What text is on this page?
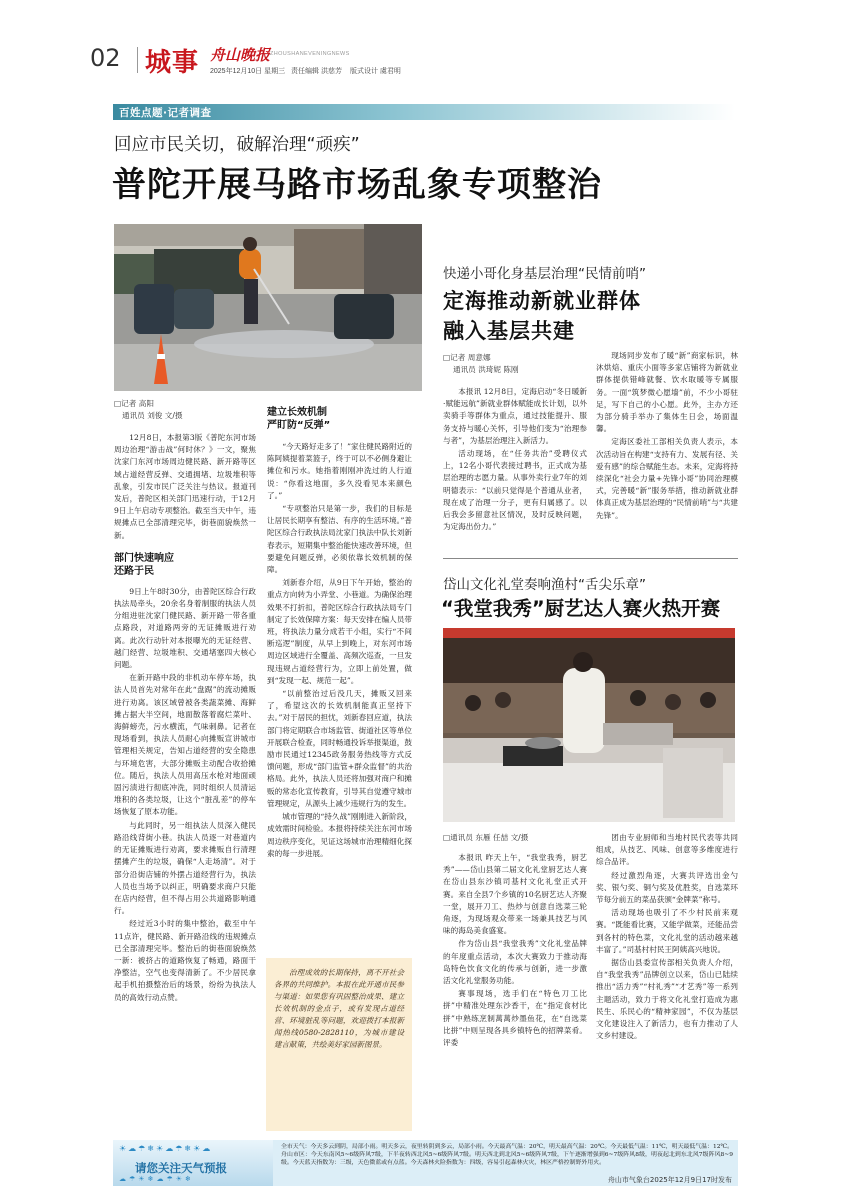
02 城事 舟山晚报 ZHOUSHANEVENINGNEWS
2025年12月10日 星期三 责任编辑 洪慈芳 版式设计 虞君明
百姓点题·记者调查
回应市民关切，破解治理“顽疾”
普陀开展马路市场乱象专项整治
□记者 高阳
通讯员 刘俊 文/摄

12月8日，本报第3版《普陀东河市场周边治理“游击战”何时休？》一文，聚焦沈家门东河市场周边健民路、新开路等区域占道经营反弹、交通拥堵、垃圾堆积等乱象，引发市民广泛关注与热议。报道刊发后，普陀区相关部门迅速行动，于12月9日上午启动专项整治。截至当天中午，违规摊点已全部清理完毕，街巷面貌焕然一新。

部门快速响应
还路于民

9日上午8时30分，由普陀区综合行政执法局牵头，20余名身着制服的执法人员分组进驻沈家门健民路、新开路一带各重点路段，对道路两旁的无证摊贩进行劝离。此次行动针对本报曝光的无证经营、越门经营、垃圾堆积、交通堵塞四大核心问题。

在新开路中段的非机动车停车场，执法人员首先对常年在此“盘踞”的流动摊贩进行劝离。该区域曾被各类蔬菜摊、海鲜摊占据大半空间，地面散落着腐烂菜叶、海鲜螃壳，污水横流，气味刺鼻。记者在现场看到，执法人员耐心向摊贩宣讲城市管理相关规定，告知占道经营的安全隐患与环境危害，大部分摊贩主动配合收拾摊位。随后，执法人员用高压水枪对地面顽固污渍进行彻底冲洗，同时组织人员清运堆积的各类垃圾，让这个“脏乱差”的停车场恢复了原本功能。

与此同时，另一组执法人员深入健民路沿线背街小巷。执法人员逐一对巷道内的无证摊贩进行劝离，要求摊贩自行清理摆摊产生的垃圾，确保“人走场清”。对于部分沿街店铺的外摆占道经营行为，执法人员也当场予以纠正，明确要求商户只能在店内经营，但不得占用公共道路影响通行。

经过近3小时的集中整治，截至中午11点许，健民路、新开路沿线的违规摊点已全部清理完毕。整治后的街巷面貌焕然一新：被挤占的道路恢复了畅通，路面干净整洁，空气也变得清新了。不少居民拿起手机拍摄整治后的场景，纷纷为执法人员的高效行动点赞。

建立长效机制
严盯防“反弹”

“今天路好走多了！”家住健民路附近的陈阿姨提着菜篮子，终于可以不必侧身避让摊位和污水。她指着刚刚冲洗过的人行道说：“你看这地面，多久没看见本来颜色了。”

“专项整治只是第一步，我们的目标是让居民长期享有整洁、有序的生活环境。”普陀区综合行政执法局沈家门执法中队长刘新春表示，短期集中整治能快速改善环境，但要避免问题反弹，必须依靠长效机制的保障。

刘新春介绍，从9日下午开始，整治的重点方向转为小弄堂、小巷道。为确保治理效果不打折扣，普陀区综合行政执法局专门制定了长效保障方案：每天安排在编人员带班，将执法力量分成若干小组，实行“不间断巡逻”制度，从早上到晚上，对东河市场周边区域进行全覆盖、高频次巡查，一旦发现违规占道经营行为，立即上前处置，做到“发现一起、规范一起”。

“以前整治过后没几天，摊贩又回来了，希望这次的长效机制能真正坚持下去。”对于居民的担忧，刘新春回应道，执法部门将定期联合市场监管、街道社区等单位开展联合检查，同时畅通投诉举报渠道，鼓励市民通过12345政务服务热线等方式反馈问题，形成“部门监管+群众监督”的共治格局。此外，执法人员还将加强对商户和摊贩的常态化宣传教育，引导其自觉遵守城市管理规定，从源头上减少违规行为的发生。

城市管理的“持久战”刚刚进入新阶段，成效需时间检验。本报将持续关注东河市场周边秩序变化，见证这场城市治理精细化探索的每一步进展。

治理成效的长期保持，离不开社会各界的共同维护。本报在此开通市民参与渠道：如果您有巩固整治成果、建立长效机制的金点子，或有发现占道经营、环境脏乱等问题，欢迎拨打本报新闻热线0580-2828110，为城市建设建言献策，共绘美好家园新图景。
快递小哥化身基层治理“民情前哨”
定海推动新就业群体
融入基层共建
□记者 周意娜
通讯员 洪琦妮 陈刚

本报讯 12月8日，定海启动“冬日暖新·赋能远航”新就业群体赋能成长计划，以外卖骑手等群体为重点，通过技能提升、服务支持与暖心关怀，引导他们变为“治理参与者”，为基层治理注入新活力。

活动现场，在“任务共治”受聘仪式上，12名小哥代表接过聘书，正式成为基层治理的志愿力量。从事外卖行业7年的刘明德表示：“以前只觉得是个普通从业者，现在成了治理一分子，更有归属感了。以后我会多留意社区情况，及时反映问题，为定海出份力。”

现场同步发布了暖“新”商家标识，林沐烘焙、重庆小面等多家店铺将为新就业群体提供错峰就餐、饮水取暖等专属服务。一面“筑梦微心愿墙”前，不少小哥驻足，写下自己的小心愿。此外，主办方还为部分骑手举办了集体生日会，场面温馨。

定海区委社工部相关负责人表示，本次活动旨在构建“支持有力、发展有径、关爱有感”的综合赋能生态。未来，定海将持续深化“社会力量+先锋小哥”协同治理模式，完善暖“新”服务举措，推动新就业群体真正成为基层治理的“民情前哨”与“共建先锋”。

岱山文化礼堂奏响渔村“舌尖乐章”
“我堂我秀”厨艺达人赛火热开赛
□通讯员 东雁 任喆 文/摄

本报讯 昨天上午，“我堂我秀，厨艺秀”——岱山县第二届文化礼堂厨艺达人赛在岱山县东沙镇司基村文化礼堂正式开赛。来自全县7个乡镇的10名厨艺达人齐聚一堂，展开刀工、热炒与创意自选菜三轮角逐，为现场观众带来一场兼具技艺与风味的海岛美食盛宴。

作为岱山县“我堂我秀”文化礼堂品牌的年度重点活动，本次大赛致力于推动海岛特色饮食文化的传承与创新，进一步激活文化礼堂服务功能。

赛事现场，选手们在“特色刀工比拼”中精准处理东沙香干，在“指定食材比拼”中熟练烹制萬萬炒墨鱼花，在“自选菜比拼”中则呈现各具乡镇特色的招牌菜肴。评委

团由专业厨师和当地村民代表等共同组成，从技艺、风味、创意等多维度进行综合品评。

经过激烈角逐，大赛共评选出金勺奖、银勺奖、铜勺奖及优胜奖，自选菜环节每分前五的菜品获颁“金牌菜”称号。

活动现场也吸引了不少村民前来观赛。“既能看比赛，又能学做菜，还能品尝到各村的特色菜，文化礼堂的活动越来越丰富了。”司基村村民王阿姨高兴地说。

据岱山县委宣传部相关负责人介绍，自“我堂我秀”品牌创立以来，岱山已陆续推出“活力秀”“村礼秀”“才艺秀”等一系列主题活动，致力于将文化礼堂打造成为惠民生、乐民心的“精神家园”，不仅为基层文化建设注入了新活力，也有力推动了人文乡村建设。

☀☁☂❄☀☁☂❄☀☁
请您关注天气预报
☁☂☀❄☁☂☀❄
全市天气：今天多云到阴，局部小雨。明天多云，夜里转阴到多云，局部小雨。今天最高气温：20℃，明天最高气温：20℃。今天最低气温：11℃，明天最低气温：12℃。舟山市区：今天东南风5~6级阵风7级，下半夜转西北风5~6级阵风7级。明天西北到北风5~6级阵风7级，下午逐渐增强到6~7级阵风8级，明夜起北到东北风7级阵风8~9级。今天蓝天指数为：三级，天色微蓝或有点蓝。今天森林火险指数为：四级，容易引起森林火灾，林区严格控制野外用火。
舟山市气象台2025年12月9日17时发布
